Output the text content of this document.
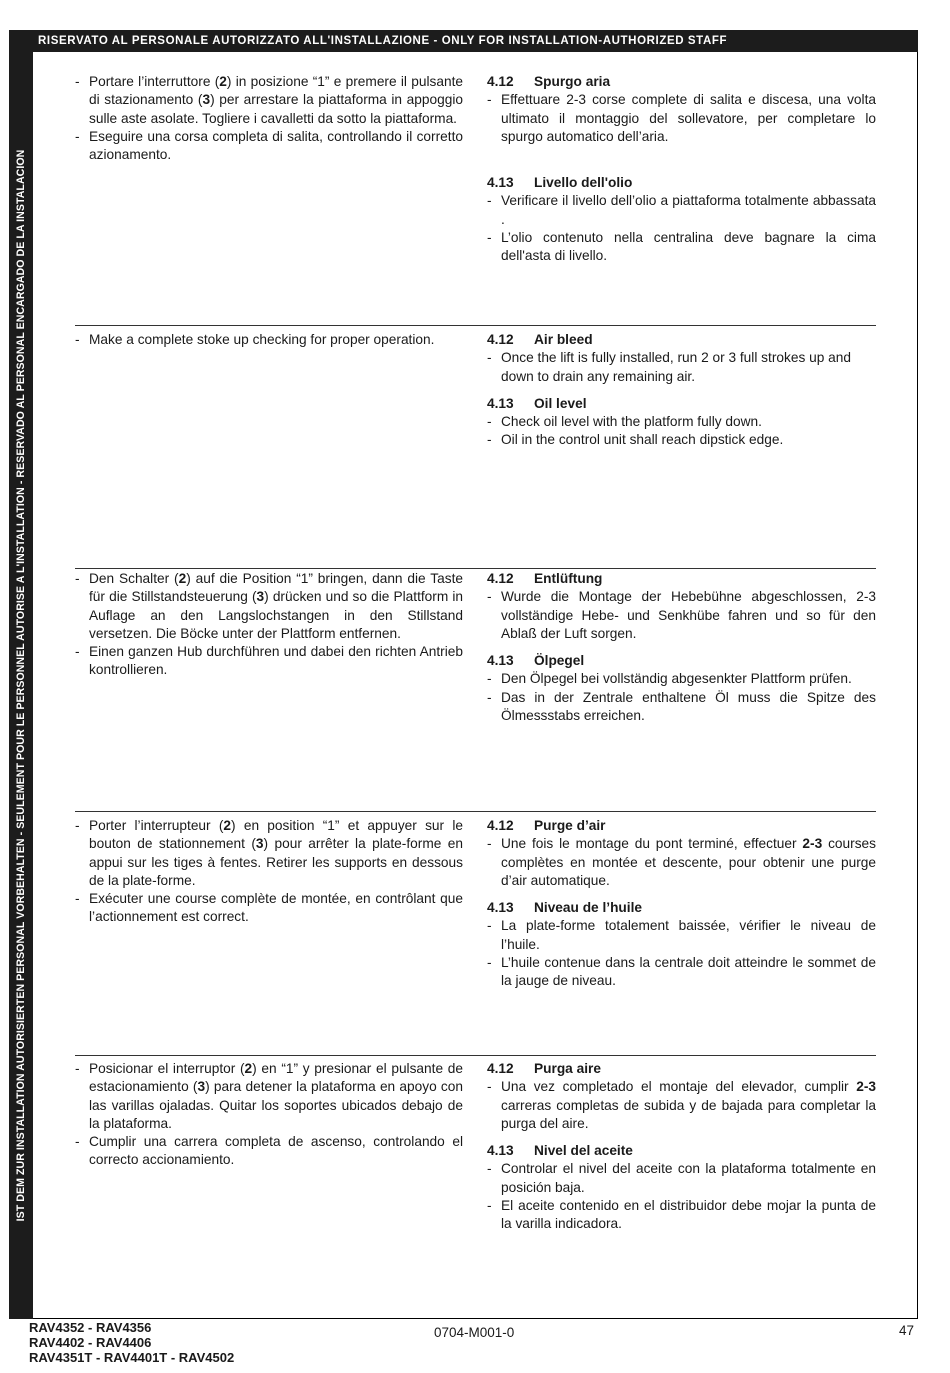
RISERVATO AL PERSONALE AUTORIZZATO ALL'INSTALLAZIONE - ONLY FOR INSTALLATION-AUTHORIZED STAFF
IST DEM ZUR INSTALLATION AUTORISIERTEN PERSONAL VORBEHALTEN - SEULEMENT POUR LE PERSONNEL AUTORISE A L'INSTALLATION - RESERVADO AL PERSONAL ENCARGADO DE LA INSTALACION
- Portare l’interruttore (2) in posizione “1” e premere il pulsante di stazionamento (3) per arrestare la piattaforma in appoggio sulle aste asolate. Togliere i cavalletti da sotto la piattaforma.
- Eseguire una corsa completa di salita, controllando il corretto azionamento.
4.12 Spurgo aria
- Effettuare 2-3 corse complete di salita e discesa, una volta ultimato il montaggio del sollevatore, per completare lo spurgo automatico dell’aria.
4.13 Livello dell'olio
- Verificare il livello dell’olio a piattaforma totalmente abbassata .
- L’olio contenuto nella centralina deve bagnare la cima dell'asta di livello.
- Make a complete stoke up checking for proper operation.	4.12 Air bleed
- Once the lift is fully installed, run 2 or 3 full strokes up and down to drain any remaining air.
4.13 Oil level
- Check oil level with the platform fully down.
- Oil in the control unit shall reach dipstick edge.
- Den Schalter (2) auf die Position “1” bringen, dann die Taste für die Stillstandsteuerung (3) drücken und so die Plattform in Auflage an den Langslochstangen in den Stillstand versetzen. Die Böcke unter der Plattform entfernen.
- Einen ganzen Hub durchführen und dabei den richten Antrieb kontrollieren.
4.12 Entlüftung
- Wurde die Montage der Hebebühne abgeschlossen, 2-3 vollständige Hebe- und Senkhübe fahren und so für den Ablaß der Luft sorgen.
4.13 Ölpegel
- Den Ölpegel bei vollständig abgesenkter Plattform prüfen.
- Das in der Zentrale enthaltene Öl muss die Spitze des Ölmessstabs erreichen.
- Porter l’interrupteur (2) en position “1” et appuyer sur le bouton de stationnement (3) pour arrêter la plate-forme en appui sur les tiges à fentes. Retirer les supports en dessous de la plate-forme.
- Exécuter une course complète de montée, en contrôlant que l’actionnement est correct.
4.12 Purge d’air
- Une fois le montage du pont terminé, effectuer 2-3 courses complètes en montée et descente, pour obtenir une purge d’air automatique.
4.13 Niveau de l’huile
- La plate-forme totalement baissée, vérifier le niveau de l’huile.
- L’huile contenue dans la centrale doit atteindre le sommet de la jauge de niveau.
- Posicionar el interruptor (2) en “1” y presionar el pulsante de estacionamiento (3) para detener la plataforma en apoyo con las varillas ojaladas. Quitar los soportes ubicados debajo de la plataforma.
- Cumplir una carrera completa de ascenso, controlando el correcto accionamiento.
4.12 Purga aire
- Una vez completado el montaje del elevador, cumplir 2-3 carreras completas de subida y de bajada para completar la purga del aire.
4.13 Nivel del aceite
- Controlar el nivel del aceite con la plataforma totalmente en posición baja.
- El aceite contenido en el distribuidor debe mojar la punta de la varilla indicadora.
RAV4352 - RAV4356
RAV4402 - RAV4406
RAV4351T - RAV4401T - RAV4502
0704-M001-0	47
